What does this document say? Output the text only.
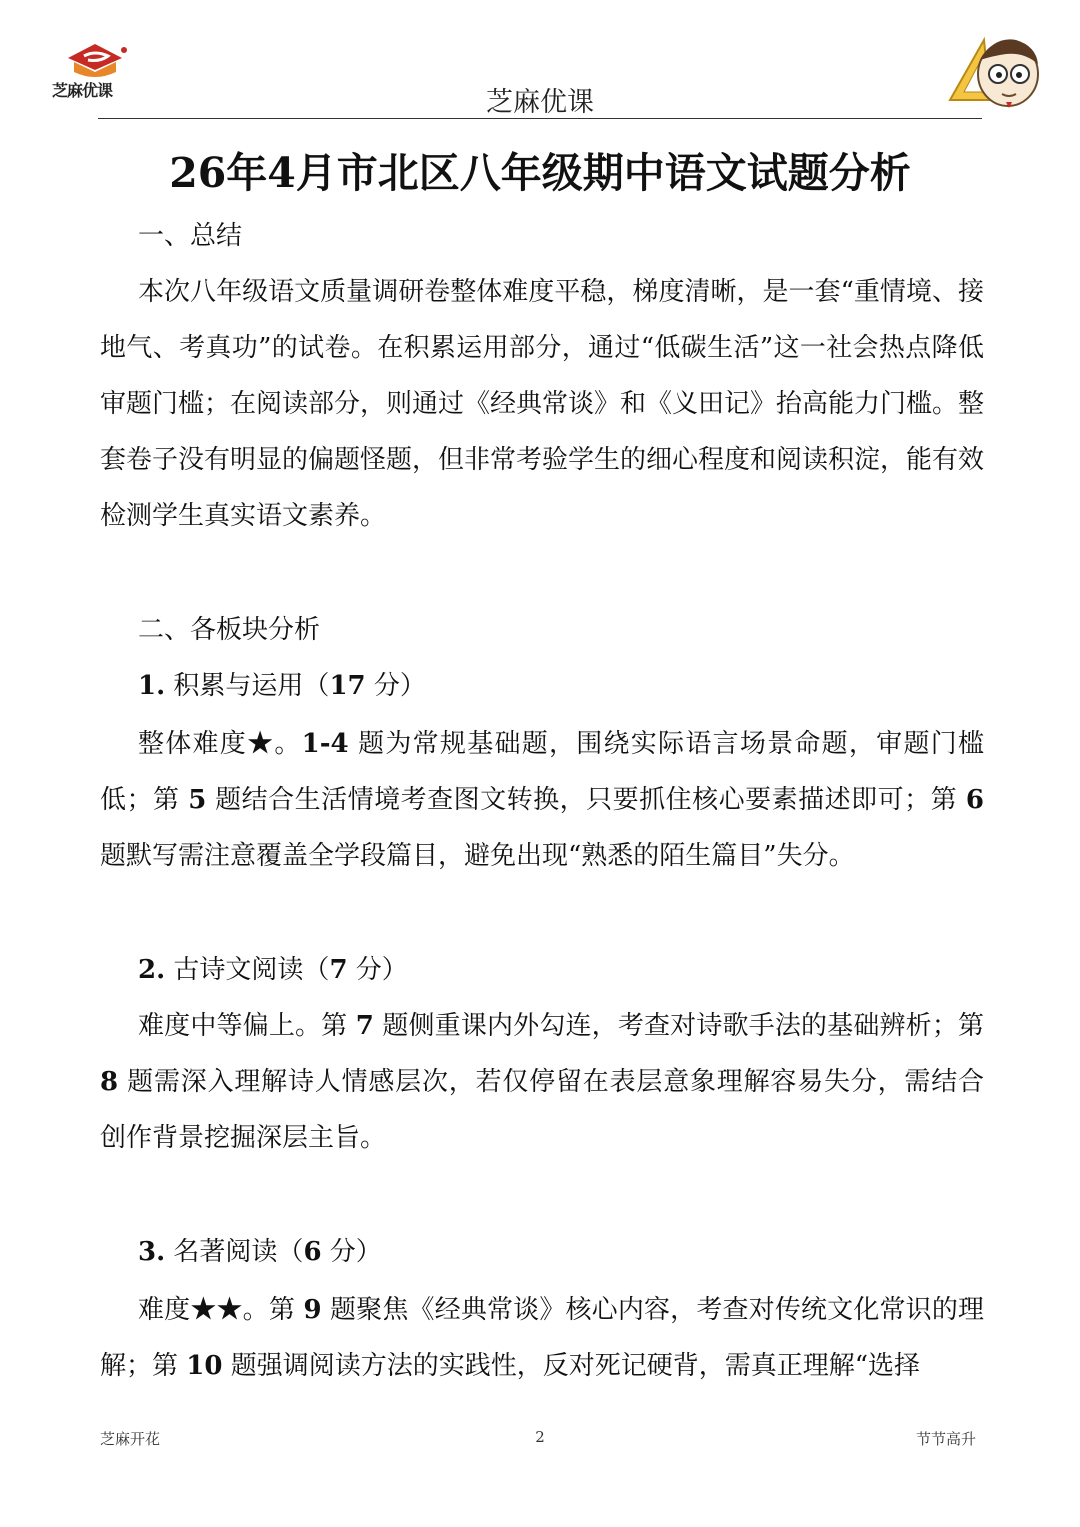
芝麻优课	芝麻优课
26年4月市北区八年级期中语文试题分析
一、总结
本次八年级语文质量调研卷整体难度平稳，梯度清晰，是一套“重情境、接地气、考真功”的试卷。在积累运用部分，通过“低碳生活”这一社会热点降低审题门槛；在阅读部分，则通过《经典常谈》和《义田记》抬高能力门槛。整套卷子没有明显的偏题怪题，但非常考验学生的细心程度和阅读积淀，能有效检测学生真实语文素养。
二、各板块分析
1. 积累与运用（17 分）
整体难度★。1-4 题为常规基础题，围绕实际语言场景命题，审题门槛低；第 5 题结合生活情境考查图文转换，只要抓住核心要素描述即可；第 6题默写需注意覆盖全学段篇目，避免出现“熟悉的陌生篇目”失分。
2. 古诗文阅读（7 分）
难度中等偏上。第 7 题侧重课内外勾连，考查对诗歌手法的基础辨析；第8 题需深入理解诗人情感层次，若仅停留在表层意象理解容易失分，需结合创作背景挖掘深层主旨。
3. 名著阅读（6 分）
难度★★。第 9 题聚焦《经典常谈》核心内容，考查对传统文化常识的理解；第 10 题强调阅读方法的实践性，反对死记硬背，需真正理解“选择
芝麻开花	2	节节高升
